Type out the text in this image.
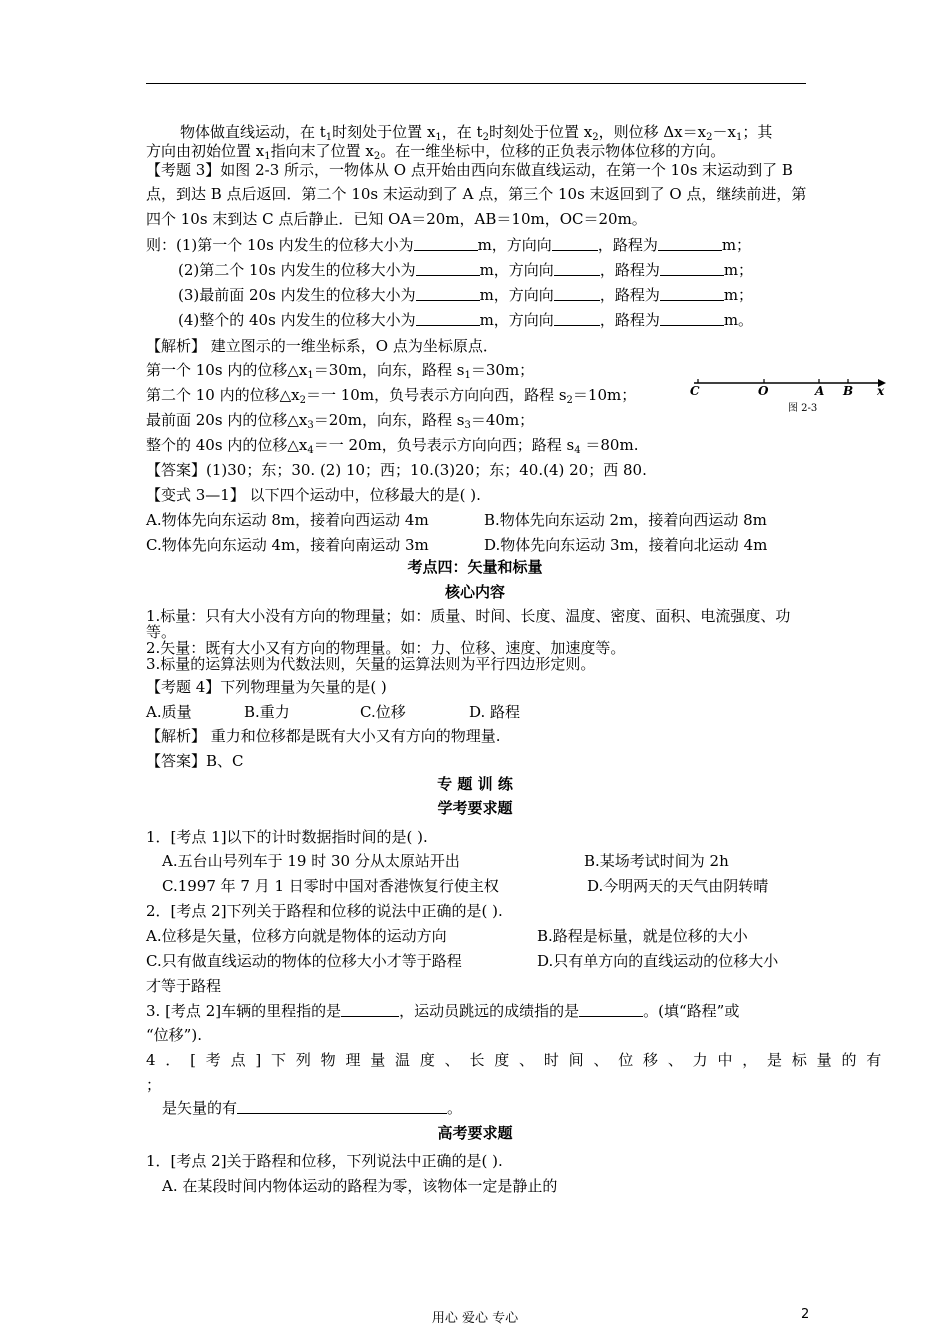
物体做直线运动，在 $t_1$时刻处于位置 $x_1$，在 $t_2$时刻处于位置 $x_2$，则位移 $\Delta x=x_2-x_1$；其
方向由初始位置 $x_1$指向末了位置 $x_2$。在一维坐标中，位移的正负表示物体位移的方向。
【考题 3】如图 2-3 所示，一物体从 O 点开始由西向东做直线运动，在第一个 10s 末运动到了 B
点，到达 B 点后返回．第二个 10s 末运动到了 A 点，第三个 10s 末返回到了 O 点，继续前进，第
四个 10s 末到达 C 点后静止．已知 OA＝20m，AB＝10m，OC＝20m。
则：(1)第一个 10s 内发生的位移大小为	m，方向向	，路程为	m；
(2)第二个 10s 内发生的位移大小为	m，方向向	，路程为	m；
(3)最前面 20s 内发生的位移大小为	m，方向向	，路程为	m；
(4)整个的 40s 内发生的位移大小为	m，方向向	，路程为	m。
【解析】 建立图示的一维坐标系，O 点为坐标原点．
第一个 10s 内的位移$\triangle x_1=30m$，向东，路程 $s_1=30m$；
第二个 10 内的位移$\triangle x_2=$一 10m，负号表示方向向西，路程 $s_2=10m$；
最前面 20s 内的位移$\triangle x_3=20m$，向东，路程 $s_3=40m$；
整个的 40s 内的位移$\triangle x_4=$一 20m，负号表示方向向西；路程 $s_4 =80m$.
【答案】(1)30；东；30. (2) 10；西；10.(3)20；东；40.(4) 20；西 80.
C	O	A B x
图 2-3
【变式 3—1】 以下四个运动中，位移最大的是( ).
A.物体先向东运动 8m，接着向西运动 4m	B.物体先向东运动 2m，接着向西运动 8m
C.物体先向东运动 4m，接着向南运动 3m	D.物体先向东运动 3m，接着向北运动 4m
考点四：矢量和标量
核心内容
1.标量：只有大小没有方向的物理量；如：质量、时间、长度、温度、密度、面积、电流强度、功
等。
2.矢量：既有大小又有方向的物理量。如：力、位移、速度、加速度等。
3.标量的运算法则为代数法则，矢量的运算法则为平行四边形定则。
【考题 4】下列物理量为矢量的是( )
A.质量	B.重力	C.位移	D. 路程
【解析】 重力和位移都是既有大小又有方向的物理量.
【答案】B、C
专 题 训 练
学考要求题
1．[考点 1]以下的计时数据指时间的是( ).
A.五台山号列车于 19 时 30 分从太原站开出	B.某场考试时间为 2h
C.1997 年 7 月 1 日零时中国对香港恢复行使主权	D.今明两天的天气由阴转晴
2．[考点 2]下列关于路程和位移的说法中正确的是( ).
A.位移是矢量，位移方向就是物体的运动方向	B.路程是标量，就是位移的大小
C.只有做直线运动的物体的位移大小才等于路程	D.只有单方向的直线运动的位移大小
才等于路程
3. [考点 2]车辆的里程指的是	，运动员跳远的成绩指的是	。(填“路程”或
“位移”).
4．[考点]下列物理量温度、长度、时间、位移、力中，是标量的有
；
是矢量的有	。
高考要求题
1．[考点 2]关于路程和位移，下列说法中正确的是( ).
A. 在某段时间内物体运动的路程为零，该物体一定是静止的
用心 爱心 专心	2
